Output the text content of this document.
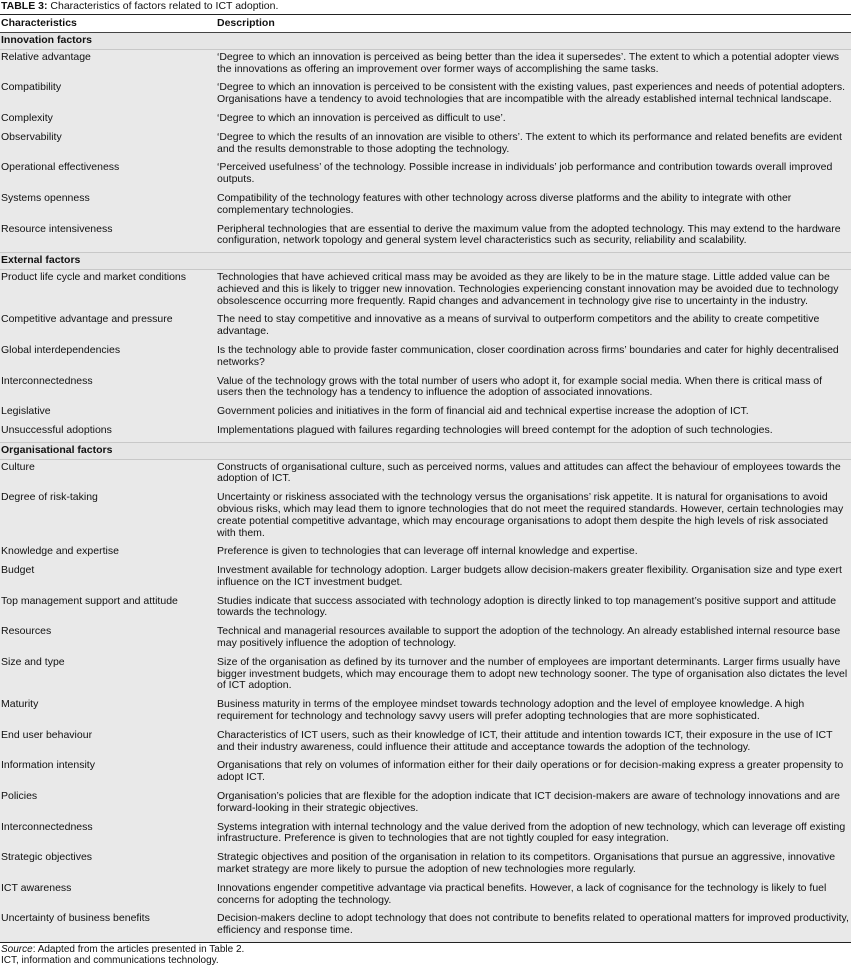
TABLE 3: Characteristics of factors related to ICT adoption.
Characteristics	Description
Innovation factors	
Relative advantage	‘Degree to which an innovation is perceived as being better than the idea it supersedes’. The extent to which a potential adopter views the innovations as offering an improvement over former ways of accomplishing the same tasks.
Compatibility	‘Degree to which an innovation is perceived to be consistent with the existing values, past experiences and needs of potential adopters. Organisations have a tendency to avoid technologies that are incompatible with the already established internal technical landscape.
Complexity	‘Degree to which an innovation is perceived as difficult to use’.
Observability	‘Degree to which the results of an innovation are visible to others’. The extent to which its performance and related benefits are evident and the results demonstrable to those adopting the technology.
Operational effectiveness	‘Perceived usefulness’ of the technology. Possible increase in individuals’ job performance and contribution towards overall improved outputs.
Systems openness	Compatibility of the technology features with other technology across diverse platforms and the ability to integrate with other complementary technologies.
Resource intensiveness	Peripheral technologies that are essential to derive the maximum value from the adopted technology. This may extend to the hardware configuration, network topology and general system level characteristics such as security, reliability and scalability.
External factors	
Product life cycle and market conditions	Technologies that have achieved critical mass may be avoided as they are likely to be in the mature stage. Little added value can be achieved and this is likely to trigger new innovation. Technologies experiencing constant innovation may be avoided due to technology obsolescence occurring more frequently. Rapid changes and advancement in technology give rise to uncertainty in the industry.
Competitive advantage and pressure	The need to stay competitive and innovative as a means of survival to outperform competitors and the ability to create competitive advantage.
Global interdependencies	Is the technology able to provide faster communication, closer coordination across firms’ boundaries and cater for highly decentralised networks?
Interconnectedness	Value of the technology grows with the total number of users who adopt it, for example social media. When there is critical mass of users then the technology has a tendency to influence the adoption of associated innovations.
Legislative	Government policies and initiatives in the form of financial aid and technical expertise increase the adoption of ICT.
Unsuccessful adoptions	Implementations plagued with failures regarding technologies will breed contempt for the adoption of such technologies.
Organisational factors	
Culture	Constructs of organisational culture, such as perceived norms, values and attitudes can affect the behaviour of employees towards the adoption of ICT.
Degree of risk-taking	Uncertainty or riskiness associated with the technology versus the organisations’ risk appetite. It is natural for organisations to avoid obvious risks, which may lead them to ignore technologies that do not meet the required standards. However, certain technologies may create potential competitive advantage, which may encourage organisations to adopt them despite the high levels of risk associated with them.
Knowledge and expertise	Preference is given to technologies that can leverage off internal knowledge and expertise.
Budget	Investment available for technology adoption. Larger budgets allow decision-makers greater flexibility. Organisation size and type exert influence on the ICT investment budget.
Top management support and attitude	Studies indicate that success associated with technology adoption is directly linked to top management’s positive support and attitude towards the technology.
Resources	Technical and managerial resources available to support the adoption of the technology. An already established internal resource base may positively influence the adoption of technology.
Size and type	Size of the organisation as defined by its turnover and the number of employees are important determinants. Larger firms usually have bigger investment budgets, which may encourage them to adopt new technology sooner. The type of organisation also dictates the level of ICT adoption.
Maturity	Business maturity in terms of the employee mindset towards technology adoption and the level of employee knowledge. A high requirement for technology and technology savvy users will prefer adopting technologies that are more sophisticated.
End user behaviour	Characteristics of ICT users, such as their knowledge of ICT, their attitude and intention towards ICT, their exposure in the use of ICT and their industry awareness, could influence their attitude and acceptance towards the adoption of the technology.
Information intensity	Organisations that rely on volumes of information either for their daily operations or for decision-making express a greater propensity to adopt ICT.
Policies	Organisation’s policies that are flexible for the adoption indicate that ICT decision-makers are aware of technology innovations and are forward-looking in their strategic objectives.
Interconnectedness	Systems integration with internal technology and the value derived from the adoption of new technology, which can leverage off existing infrastructure. Preference is given to technologies that are not tightly coupled for easy integration.
Strategic objectives	Strategic objectives and position of the organisation in relation to its competitors. Organisations that pursue an aggressive, innovative market strategy are more likely to pursue the adoption of new technologies more regularly.
ICT awareness	Innovations engender competitive advantage via practical benefits. However, a lack of cognisance for the technology is likely to fuel concerns for adopting the technology.
Uncertainty of business benefits	Decision-makers decline to adopt technology that does not contribute to benefits related to operational matters for improved productivity, efficiency and response time.
Source: Adapted from the articles presented in Table 2.
ICT, information and communications technology.
